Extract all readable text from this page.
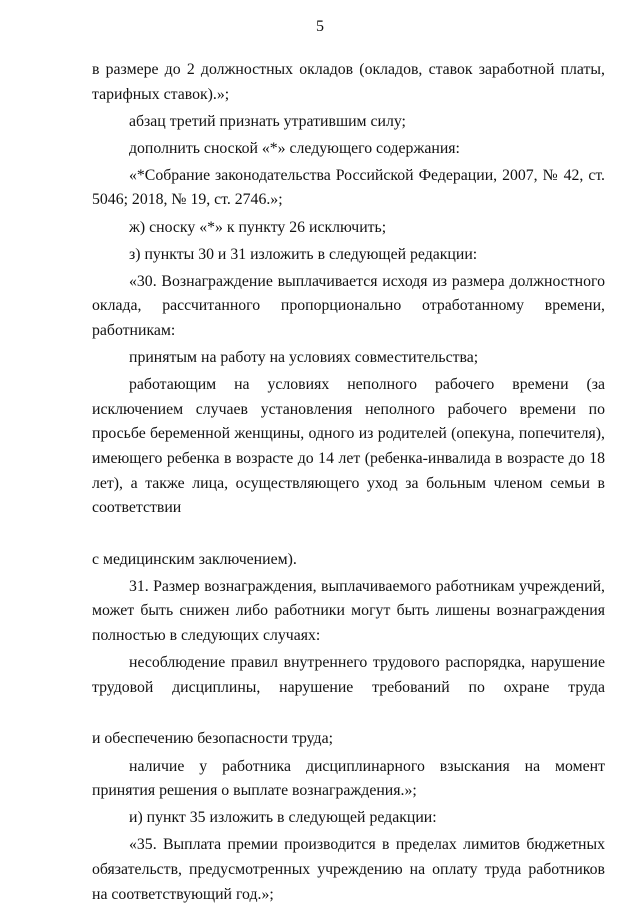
5

в размере до 2 должностных окладов (окладов, ставок заработной платы, тарифных ставок).»;

абзац третий признать утратившим силу;

дополнить сноской «*» следующего содержания:

«*Собрание законодательства Российской Федерации, 2007, № 42, ст. 5046; 2018, № 19, ст. 2746.»;

ж) сноску «*» к пункту 26 исключить;

з) пункты 30 и 31 изложить в следующей редакции:

«30. Вознаграждение выплачивается исходя из размера должностного оклада, рассчитанного пропорционально отработанному времени, работникам:

принятым на работу на условиях совместительства;

работающим на условиях неполного рабочего времени (за исключением случаев установления неполного рабочего времени по просьбе беременной женщины, одного из родителей (опекуна, попечителя), имеющего ребенка в возрасте до 14 лет (ребенка-инвалида в возрасте до 18 лет), а также лица, осуществляющего уход за больным членом семьи в соответствии

с медицинским заключением).

31. Размер вознаграждения, выплачиваемого работникам учреждений, может быть снижен либо работники могут быть лишены вознаграждения полностью в следующих случаях:

несоблюдение правил внутреннего трудового распорядка, нарушение трудовой дисциплины, нарушение требований по охране труда

и обеспечению безопасности труда;

наличие у работника дисциплинарного взыскания на момент принятия решения о выплате вознаграждения.»;

и) пункт 35 изложить в следующей редакции:

«35. Выплата премии производится в пределах лимитов бюджетных обязательств, предусмотренных учреждению на оплату труда работников на соответствующий год.»;
